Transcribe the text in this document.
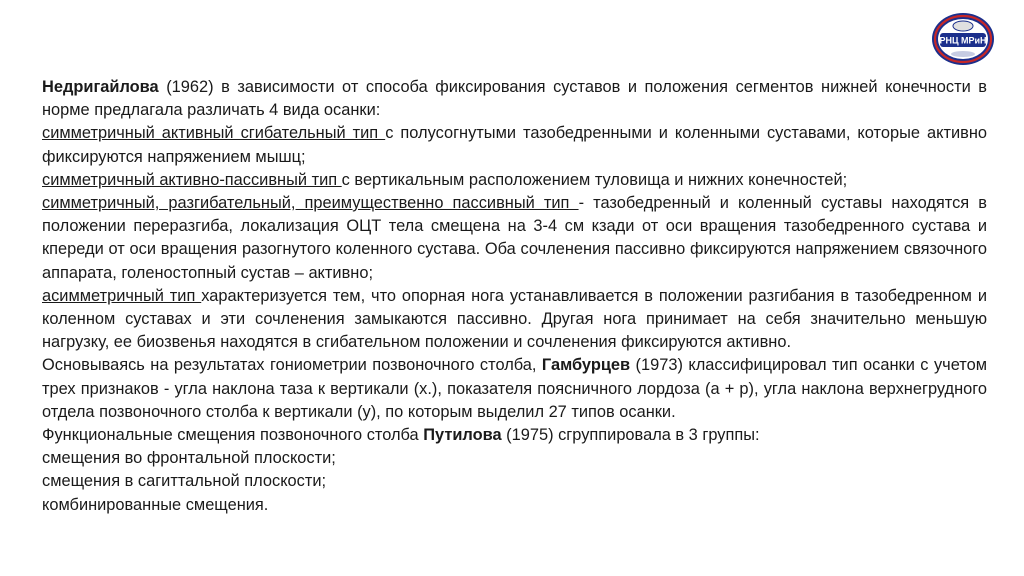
РНЦ МРиН

Недригайлова (1962) в зависимости от способа фиксирования суставов и положения сегментов нижней конечности в норме предлагала различать 4 вида осанки:

симметричный активный сгибательный тип с полусогнутыми тазобедренными и коленными суставами, которые активно фиксируются напряжением мышц;

симметричный активно-пассивный тип с вертикальным расположением туловища и нижних конечностей;

симметричный, разгибательный, преимущественно пассивный тип - тазобедренный и коленный суставы находятся в положении переразгиба, локализация ОЦТ тела смещена на 3-4 см кзади от оси вращения тазобедренного сустава и кпереди от оси вращения разогнутого коленного сустава. Оба сочленения пассивно фиксируются напряжением связочного аппарата, голеностопный сустав – активно;

асимметричный тип характеризуется тем, что опорная нога устанавливается в положении разгибания в тазобедренном и коленном суставах и эти сочленения замыкаются пассивно. Другая нога принимает на себя значительно меньшую нагрузку, ее биозвенья находятся в сгибательном положении и сочленения фиксируются активно.

Основываясь на результатах гониометрии позвоночного столба, Гамбурцев (1973) классифицировал тип осанки с учетом трех признаков - угла наклона таза к вертикали (x.), показателя поясничного лордоза (a + p), угла наклона верхнегрудного отдела позвоночного столба к вертикали (y), по которым выделил 27 типов осанки.

Функциональные смещения позвоночного столба Путилова (1975) сгруппировала в 3 группы:

смещения во фронтальной плоскости;

смещения в сагиттальной плоскости;

комбинированные смещения.
